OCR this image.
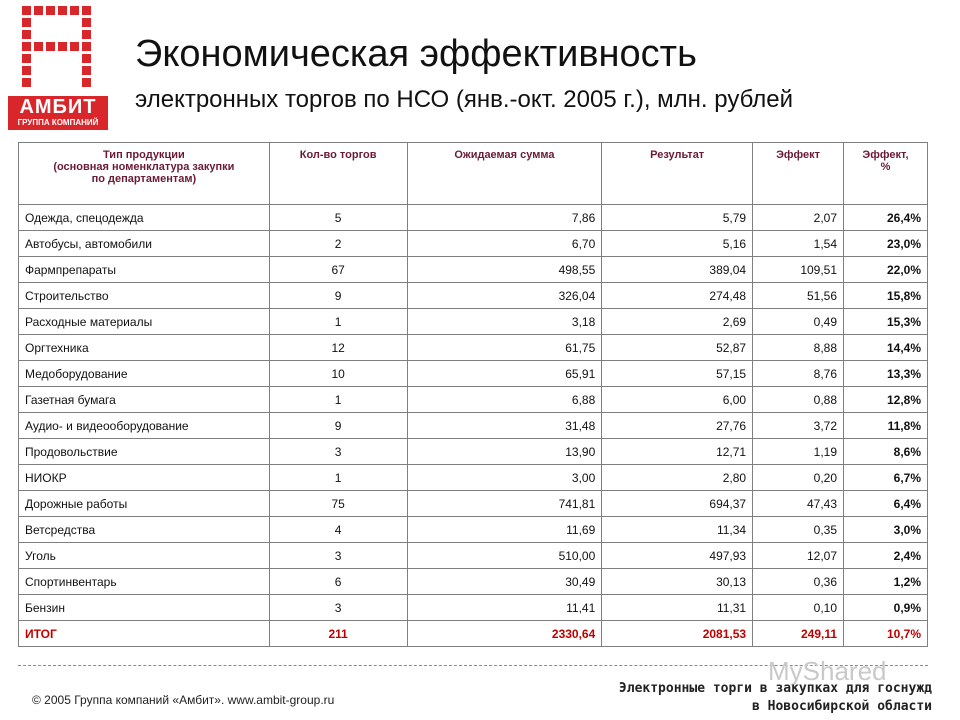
АМБИТ
ГРУППА КОМПАНИЙ
Экономическая эффективность
электронных торгов по НСО (янв.-окт. 2005 г.), млн. рублей
Тип продукции
(основная номенклатура закупки
по департаментам)	Кол-во торгов	Ожидаемая сумма	Результат	Эффект	Эффект,
%
Одежда, спецодежда	5	7,86	5,79	2,07	26,4%
Автобусы, автомобили	2	6,70	5,16	1,54	23,0%
Фармпрепараты	67	498,55	389,04	109,51	22,0%
Строительство	9	326,04	274,48	51,56	15,8%
Расходные материалы	1	3,18	2,69	0,49	15,3%
Оргтехника	12	61,75	52,87	8,88	14,4%
Медоборудование	10	65,91	57,15	8,76	13,3%
Газетная бумага	1	6,88	6,00	0,88	12,8%
Аудио- и видеооборудование	9	31,48	27,76	3,72	11,8%
Продовольствие	3	13,90	12,71	1,19	8,6%
НИОКР	1	3,00	2,80	0,20	6,7%
Дорожные работы	75	741,81	694,37	47,43	6,4%
Ветсредства	4	11,69	11,34	0,35	3,0%
Уголь	3	510,00	497,93	12,07	2,4%
Спортинвентарь	6	30,49	30,13	0,36	1,2%
Бензин	3	11,41	11,31	0,10	0,9%
ИТОГ	211	2330,64	2081,53	249,11	10,7%
MyShared
© 2005 Группа компаний «Амбит». www.ambit-group.ru
Электронные торги в закупках для госнужд
в Новосибирской области
